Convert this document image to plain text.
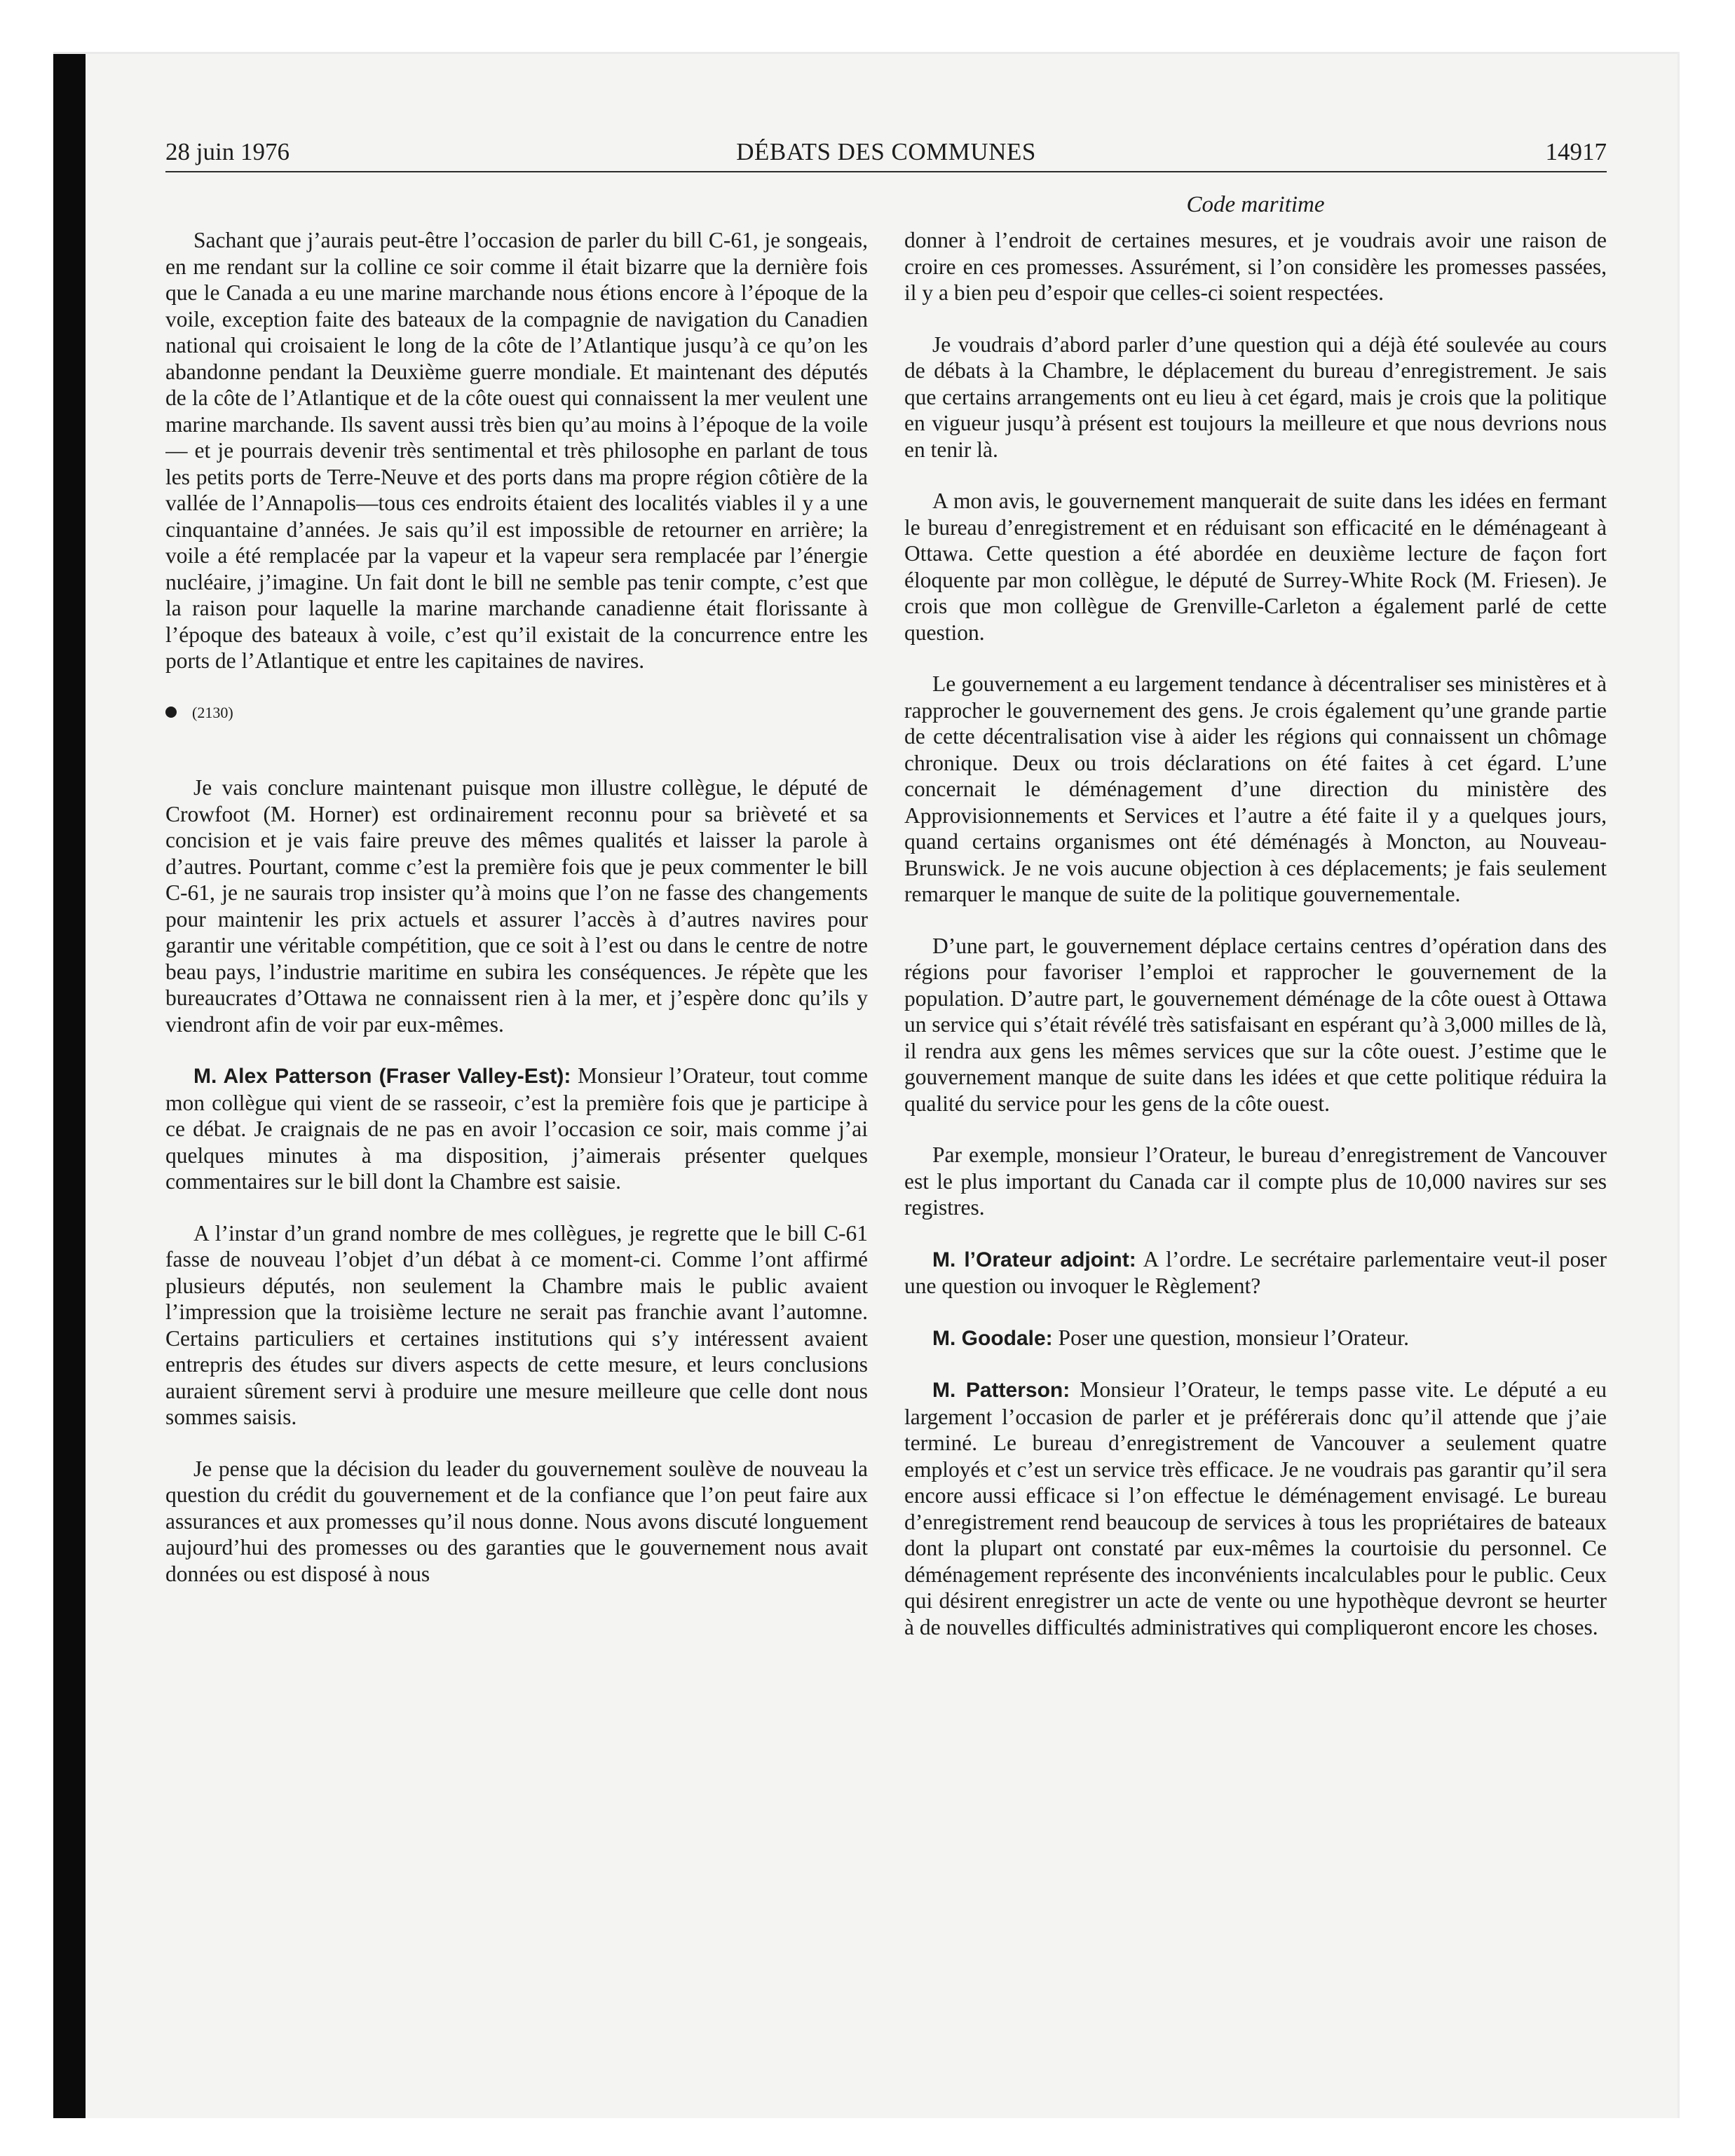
28 juin 1976	DÉBATS DES COMMUNES	14917
Code maritime

Sachant que j’aurais peut-être l’occasion de parler du bill C-61, je songeais, en me rendant sur la colline ce soir comme il était bizarre que la dernière fois que le Canada a eu une marine marchande nous étions encore à l’époque de la voile, exception faite des bateaux de la compagnie de navigation du Canadien national qui croisaient le long de la côte de l’Atlantique jusqu’à ce qu’on les abandonne pendant la Deuxième guerre mondiale. Et maintenant des députés de la côte de l’Atlantique et de la côte ouest qui connaissent la mer veulent une marine marchande. Ils savent aussi très bien qu’au moins à l’époque de la voile— et je pourrais devenir très sentimental et très philosophe en parlant de tous les petits ports de Terre-Neuve et des ports dans ma propre région côtière de la vallée de l’Annapolis—tous ces endroits étaient des localités viables il y a une cinquantaine d’années. Je sais qu’il est impossible de retourner en arrière; la voile a été remplacée par la vapeur et la vapeur sera remplacée par l’énergie nucléaire, j’imagine. Un fait dont le bill ne semble pas tenir compte, c’est que la raison pour laquelle la marine marchande canadienne était florissante à l’époque des bateaux à voile, c’est qu’il existait de la concurrence entre les ports de l’Atlantique et entre les capitaines de navires.

(2130)

Je vais conclure maintenant puisque mon illustre collègue, le député de Crowfoot (M. Horner) est ordinairement reconnu pour sa brièveté et sa concision et je vais faire preuve des mêmes qualités et laisser la parole à d’autres. Pourtant, comme c’est la première fois que je peux commenter le bill C-61, je ne saurais trop insister qu’à moins que l’on ne fasse des changements pour maintenir les prix actuels et assurer l’accès à d’autres navires pour garantir une véritable compétition, que ce soit à l’est ou dans le centre de notre beau pays, l’industrie maritime en subira les conséquences. Je répète que les bureaucrates d’Ottawa ne connaissent rien à la mer, et j’espère donc qu’ils y viendront afin de voir par eux-mêmes.

M. Alex Patterson (Fraser Valley-Est): Monsieur l’Orateur, tout comme mon collègue qui vient de se rasseoir, c’est la première fois que je participe à ce débat. Je craignais de ne pas en avoir l’occasion ce soir, mais comme j’ai quelques minutes à ma disposition, j’aimerais présenter quelques commentaires sur le bill dont la Chambre est saisie.

A l’instar d’un grand nombre de mes collègues, je regrette que le bill C-61 fasse de nouveau l’objet d’un débat à ce moment-ci. Comme l’ont affirmé plusieurs députés, non seulement la Chambre mais le public avaient l’impression que la troisième lecture ne serait pas franchie avant l’automne. Certains particuliers et certaines institutions qui s’y intéressent avaient entrepris des études sur divers aspects de cette mesure, et leurs conclusions auraient sûrement servi à produire une mesure meilleure que celle dont nous sommes saisis.

Je pense que la décision du leader du gouvernement soulève de nouveau la question du crédit du gouvernement et de la confiance que l’on peut faire aux assurances et aux promesses qu’il nous donne. Nous avons discuté longuement aujourd’hui des promesses ou des garanties que le gouvernement nous avait données ou est disposé à nous

donner à l’endroit de certaines mesures, et je voudrais avoir une raison de croire en ces promesses. Assurément, si l’on considère les promesses passées, il y a bien peu d’espoir que celles-ci soient respectées.

Je voudrais d’abord parler d’une question qui a déjà été soulevée au cours de débats à la Chambre, le déplacement du bureau d’enregistrement. Je sais que certains arrangements ont eu lieu à cet égard, mais je crois que la politique en vigueur jusqu’à présent est toujours la meilleure et que nous devrions nous en tenir là.

A mon avis, le gouvernement manquerait de suite dans les idées en fermant le bureau d’enregistrement et en réduisant son efficacité en le déménageant à Ottawa. Cette question a été abordée en deuxième lecture de façon fort éloquente par mon collègue, le député de Surrey-White Rock (M. Friesen). Je crois que mon collègue de Grenville-Carleton a également parlé de cette question.

Le gouvernement a eu largement tendance à décentraliser ses ministères et à rapprocher le gouvernement des gens. Je crois également qu’une grande partie de cette décentralisation vise à aider les régions qui connaissent un chômage chronique. Deux ou trois déclarations on été faites à cet égard. L’une concernait le déménagement d’une direction du ministère des Approvisionnements et Services et l’autre a été faite il y a quelques jours, quand certains organismes ont été déménagés à Moncton, au Nouveau-Brunswick. Je ne vois aucune objection à ces déplacements; je fais seulement remarquer le manque de suite de la politique gouvernementale.

D’une part, le gouvernement déplace certains centres d’opération dans des régions pour favoriser l’emploi et rapprocher le gouvernement de la population. D’autre part, le gouvernement déménage de la côte ouest à Ottawa un service qui s’était révélé très satisfaisant en espérant qu’à 3,000 milles de là, il rendra aux gens les mêmes services que sur la côte ouest. J’estime que le gouvernement manque de suite dans les idées et que cette politique réduira la qualité du service pour les gens de la côte ouest.

Par exemple, monsieur l’Orateur, le bureau d’enregistrement de Vancouver est le plus important du Canada car il compte plus de 10,000 navires sur ses registres.

M. l’Orateur adjoint: A l’ordre. Le secrétaire parlementaire veut-il poser une question ou invoquer le Règlement?

M. Goodale: Poser une question, monsieur l’Orateur.

M. Patterson: Monsieur l’Orateur, le temps passe vite. Le député a eu largement l’occasion de parler et je préférerais donc qu’il attende que j’aie terminé. Le bureau d’enregistrement de Vancouver a seulement quatre employés et c’est un service très efficace. Je ne voudrais pas garantir qu’il sera encore aussi efficace si l’on effectue le déménagement envisagé. Le bureau d’enregistrement rend beaucoup de services à tous les propriétaires de bateaux dont la plupart ont constaté par eux-mêmes la courtoisie du personnel. Ce déménagement représente des inconvénients incalculables pour le public. Ceux qui désirent enregistrer un acte de vente ou une hypothèque devront se heurter à de nouvelles difficultés administratives qui compliqueront encore les choses.
